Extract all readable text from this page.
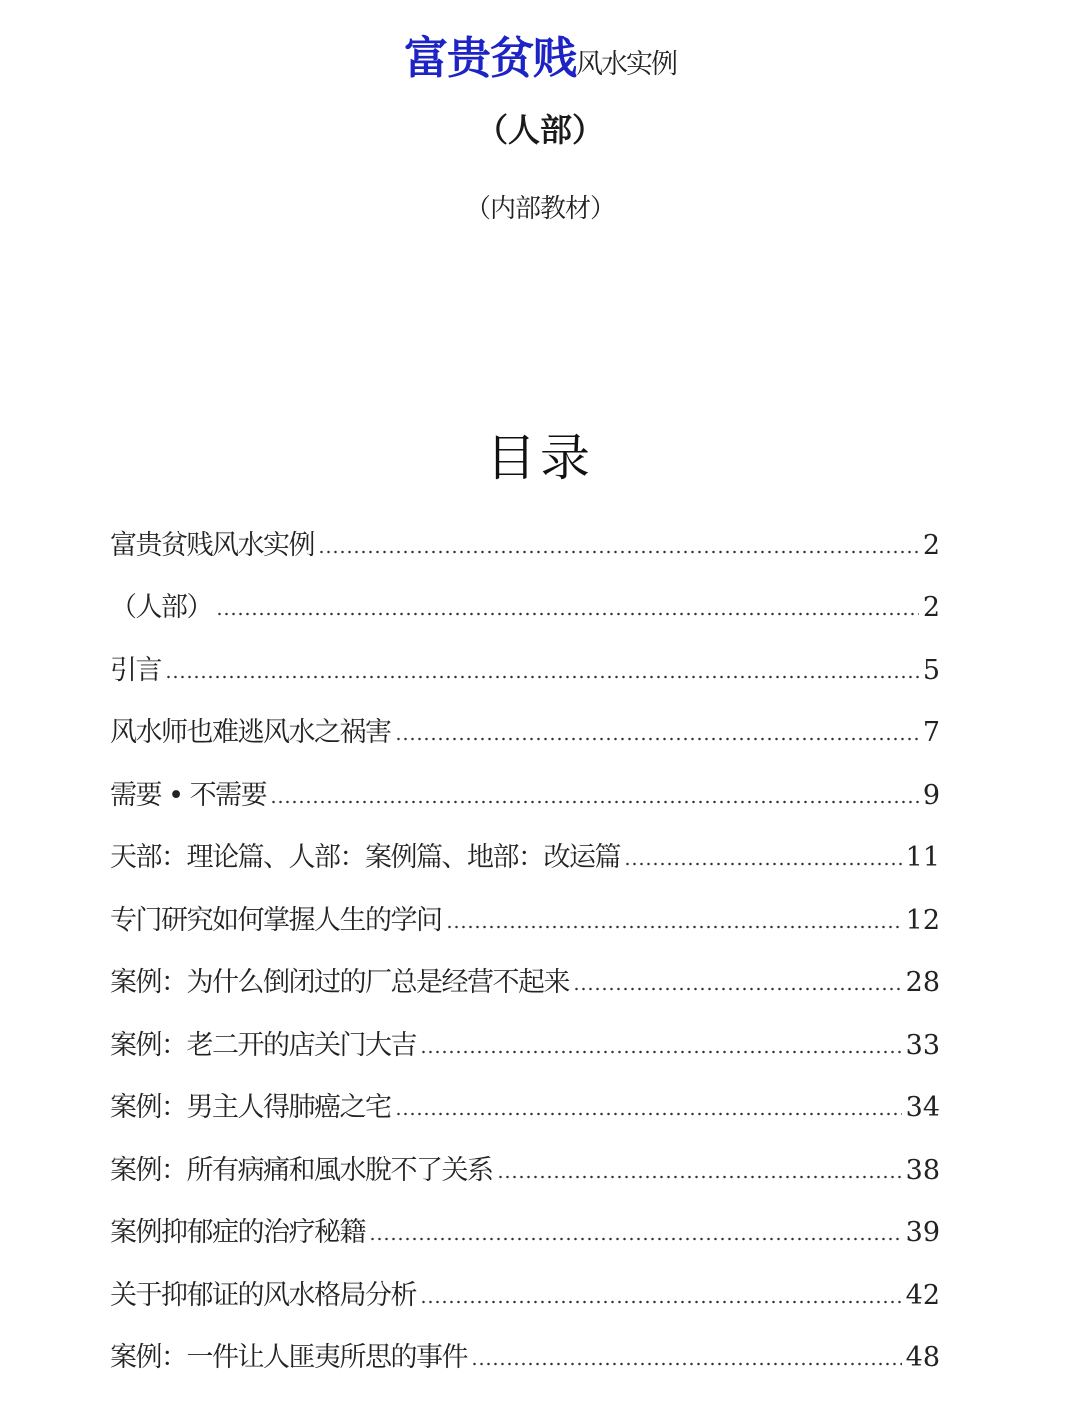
富贵贫贱风水实例
（人部）
（内部教材）
目录
富贵贫贱风水实例	2
（人部）	2
引言	5
风水师也难逃风水之祸害	7
需要 • 不需要	9
天部：理论篇、人部：案例篇、地部：改运篇	11
专门研究如何掌握人生的学问	12
案例：为什么倒闭过的厂总是经营不起来	28
案例：老二开的店关门大吉	33
案例：男主人得肺癌之宅	34
案例：所有病痛和風水脫不了关系	38
案例抑郁症的治疗秘籍	39
关于抑郁证的风水格局分析	42
案例：一件让人匪夷所思的事件	48
